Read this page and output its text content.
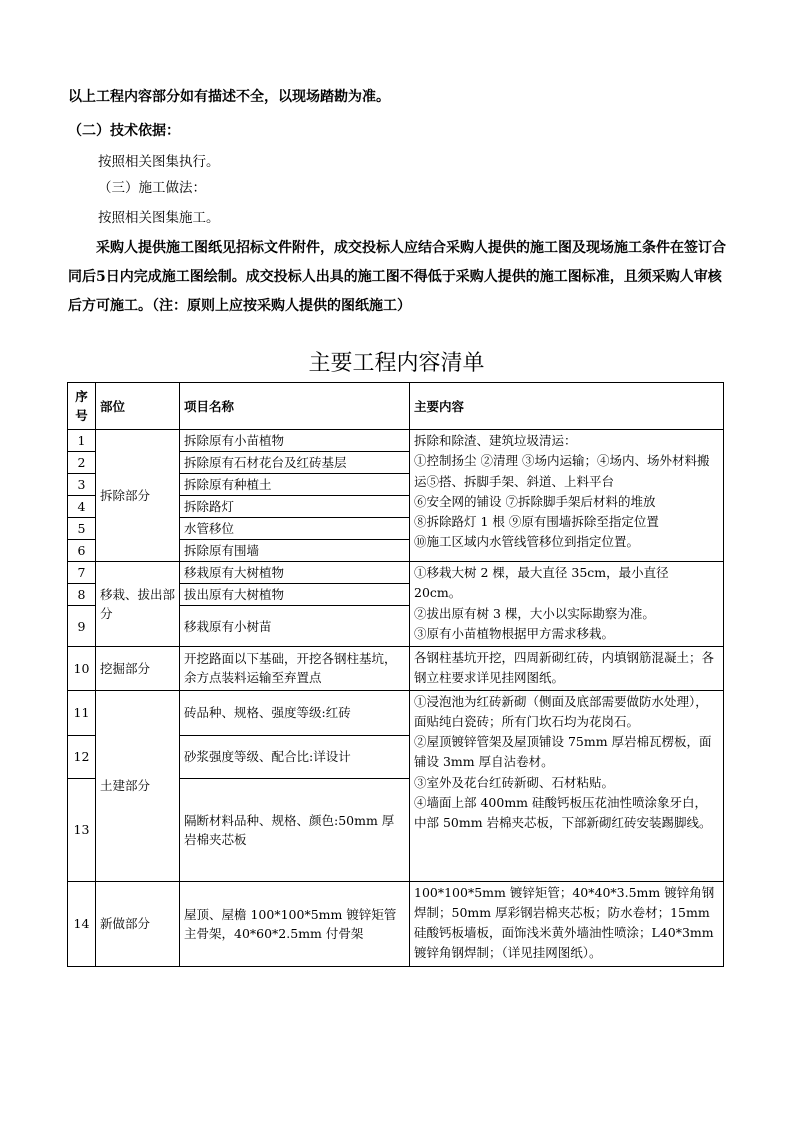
以上工程内容部分如有描述不全，以现场踏勘为准。
（二）技术依据：
按照相关图集执行。
（三）施工做法：
按照相关图集施工。
采购人提供施工图纸见招标文件附件，成交投标人应结合采购人提供的施工图及现场施工条件在签订合同后5日内完成施工图绘制。成交投标人出具的施工图不得低于采购人提供的施工图标准，且须采购人审核后方可施工。（注：原则上应按采购人提供的图纸施工）
主要工程内容清单
序号	部位	项目名称	主要内容
1	拆除部分	拆除原有小苗植物	拆除和除渣、建筑垃圾清运：
①控制扬尘 ②清理 ③场内运输；④场内、场外材料搬运⑤搭、拆脚手架、斜道、上料平台
⑥安全网的铺设 ⑦拆除脚手架后材料的堆放
⑧拆除路灯 1 根 ⑨原有围墙拆除至指定位置
⑩施工区域内水管线管移位到指定位置。

2		拆除原有石材花台及红砖基层	
3		拆除原有种植土	
4		拆除路灯	
5		水管移位	
6		拆除原有围墙	
7	移栽、拔出部分	移栽原有大树植物	①移栽大树 2 棵，最大直径 35cm，最小直径 20cm。
②拔出原有树 3 棵，大小以实际勘察为准。
③原有小苗植物根据甲方需求移栽。

8		拔出原有大树植物	
9		移栽原有小树苗	
10	挖掘部分	开挖路面以下基础，开挖各钢柱基坑，余方点装料运输至弃置点	各钢柱基坑开挖，四周新砌红砖，内填钢筋混凝土；各钢立柱要求详见挂网图纸。

11	土建部分	砖品种、规格、强度等级:红砖	①浸泡池为红砖新砌（侧面及底部需要做防水处理），面贴纯白瓷砖；所有门坎石均为花岗石。
②屋顶镀锌管架及屋顶铺设 75mm 厚岩棉瓦楞板，面铺设 3mm 厚自沾卷材。
③室外及花台红砖新砌、石材粘贴。
④墙面上部 400mm 硅酸钙板压花油性喷涂象牙白，中部 50mm 岩棉夹芯板，下部新砌红砖安装踢脚线。

12		砂浆强度等级、配合比:详设计	
13		隔断材料品种、规格、颜色:50mm 厚岩棉夹芯板	
14	新做部分	屋顶、屋檐 100*100*5mm 镀锌矩管主骨架，40*60*2.5mm 付骨架	100*100*5mm 镀锌矩管；40*40*3.5mm 镀锌角钢焊制；50mm 厚彩钢岩棉夹芯板；防水卷材；15mm 硅酸钙板墙板，面饰浅米黄外墙油性喷涂；L40*3mm 镀锌角钢焊制；（详见挂网图纸）。
